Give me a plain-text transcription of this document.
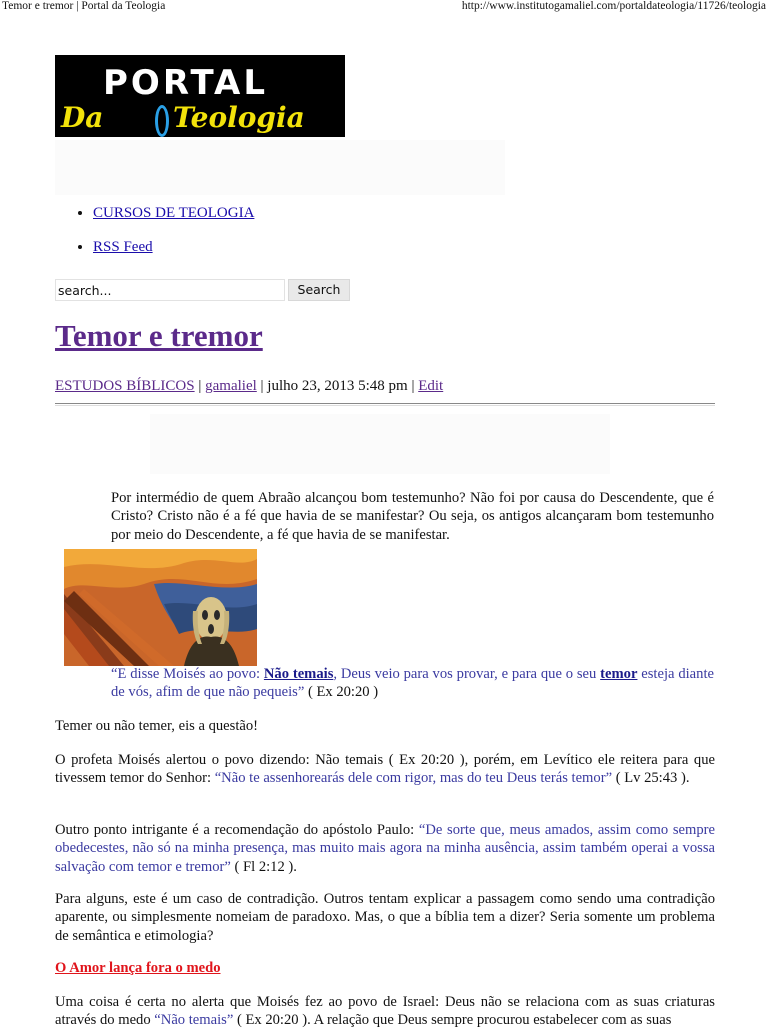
Temor e tremor | Portal da Teologia	http://www.institutogamaliel.com/portaldateologia/11726/teologia
PORTAL
Da Teologia
• CURSOS DE TEOLOGIA
• RSS Feed
search...	Search
Temor e tremor
ESTUDOS BÍBLICOS | gamaliel | julho 23, 2013 5:48 pm | Edit

Por intermédio de quem Abraão alcançou bom testemunho? Não foi por causa do Descendente, que é Cristo? Cristo não é a fé que havia de se manifestar? Ou seja, os antigos alcançaram bom testemunho por meio do Descendente, a fé que havia de se manifestar.

“E disse Moisés ao povo: Não temais, Deus veio para vos provar, e para que o seu temor esteja diante de vós, afim de que não pequeis” ( Ex 20:20 )

Temer ou não temer, eis a questão!

O profeta Moisés alertou o povo dizendo: Não temais ( Ex 20:20 ), porém, em Levítico ele reitera para que tivessem temor do Senhor: “Não te assenhorearás dele com rigor, mas do teu Deus terás temor” ( Lv 25:43 ).

Outro ponto intrigante é a recomendação do apóstolo Paulo: “De sorte que, meus amados, assim como sempre obedecestes, não só na minha presença, mas muito mais agora na minha ausência, assim também operai a vossa salvação com temor e tremor” ( Fl 2:12 ).

Para alguns, este é um caso de contradição. Outros tentam explicar a passagem como sendo uma contradição aparente, ou simplesmente nomeiam de paradoxo. Mas, o que a bíblia tem a dizer? Seria somente um problema de semântica e etimologia?

O Amor lança fora o medo

Uma coisa é certa no alerta que Moisés fez ao povo de Israel: Deus não se relaciona com as suas criaturas através do medo “Não temais” ( Ex 20:20 ). A relação que Deus sempre procurou estabelecer com as suas
